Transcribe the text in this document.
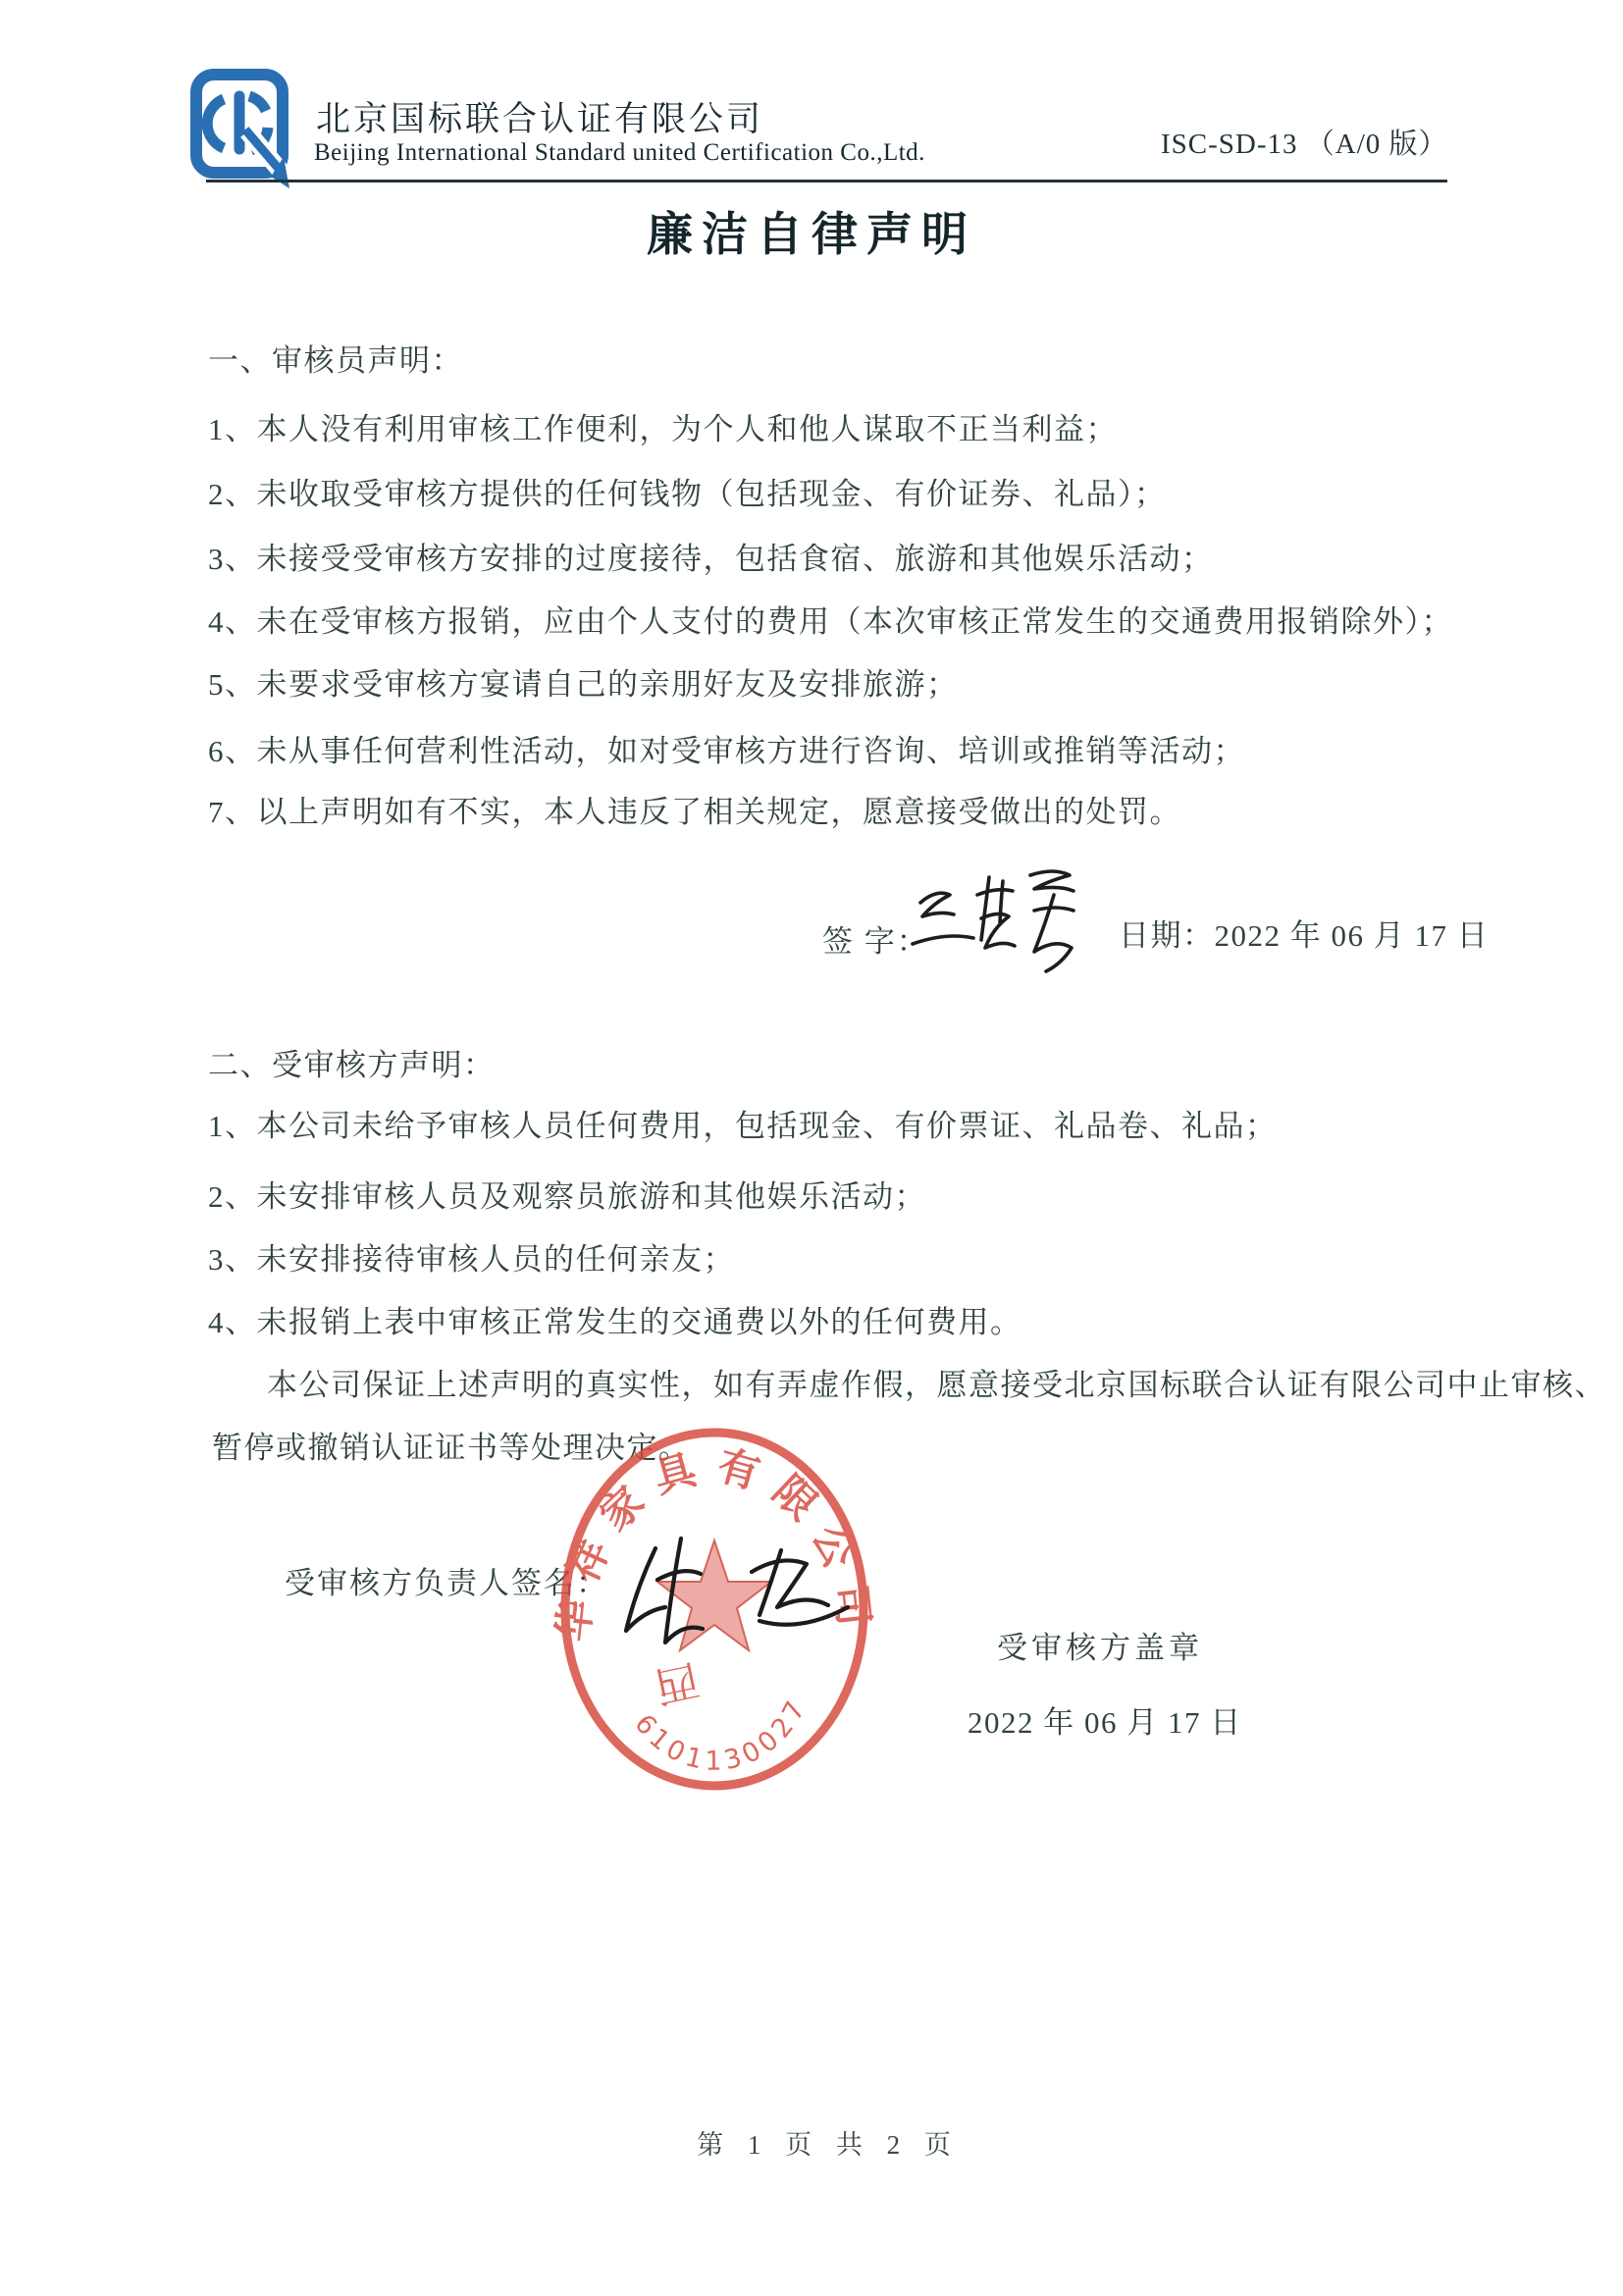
北京国标联合认证有限公司
Beijing International Standard united Certification Co.,Ltd.	ISC-SD-13 （A/0 版）
廉洁自律声明
一、审核员声明：
1、本人没有利用审核工作便利，为个人和他人谋取不正当利益；
2、未收取受审核方提供的任何钱物（包括现金、有价证券、礼品）；
3、未接受受审核方安排的过度接待，包括食宿、旅游和其他娱乐活动；
4、未在受审核方报销，应由个人支付的费用（本次审核正常发生的交通费用报销除外）；
5、未要求受审核方宴请自己的亲朋好友及安排旅游；
6、未从事任何营利性活动，如对受审核方进行咨询、培训或推销等活动；
7、以上声明如有不实，本人违反了相关规定，愿意接受做出的处罚。
签 字：	日期：2022 年 06 月 17 日
二、受审核方声明：
1、本公司未给予审核人员任何费用，包括现金、有价票证、礼品卷、礼品；
2、未安排审核人员及观察员旅游和其他娱乐活动；
3、未安排接待审核人员的任何亲友；
4、未报销上表中审核正常发生的交通费以外的任何费用。
本公司保证上述声明的真实性，如有弄虚作假，愿意接受北京国标联合认证有限公司中止审核、
暂停或撤销认证证书等处理决定。
受审核方负责人签名：
华祥家具有限公司
6101130027
西
受审核方盖章
2022 年 06 月 17 日
第 1 页 共 2 页
